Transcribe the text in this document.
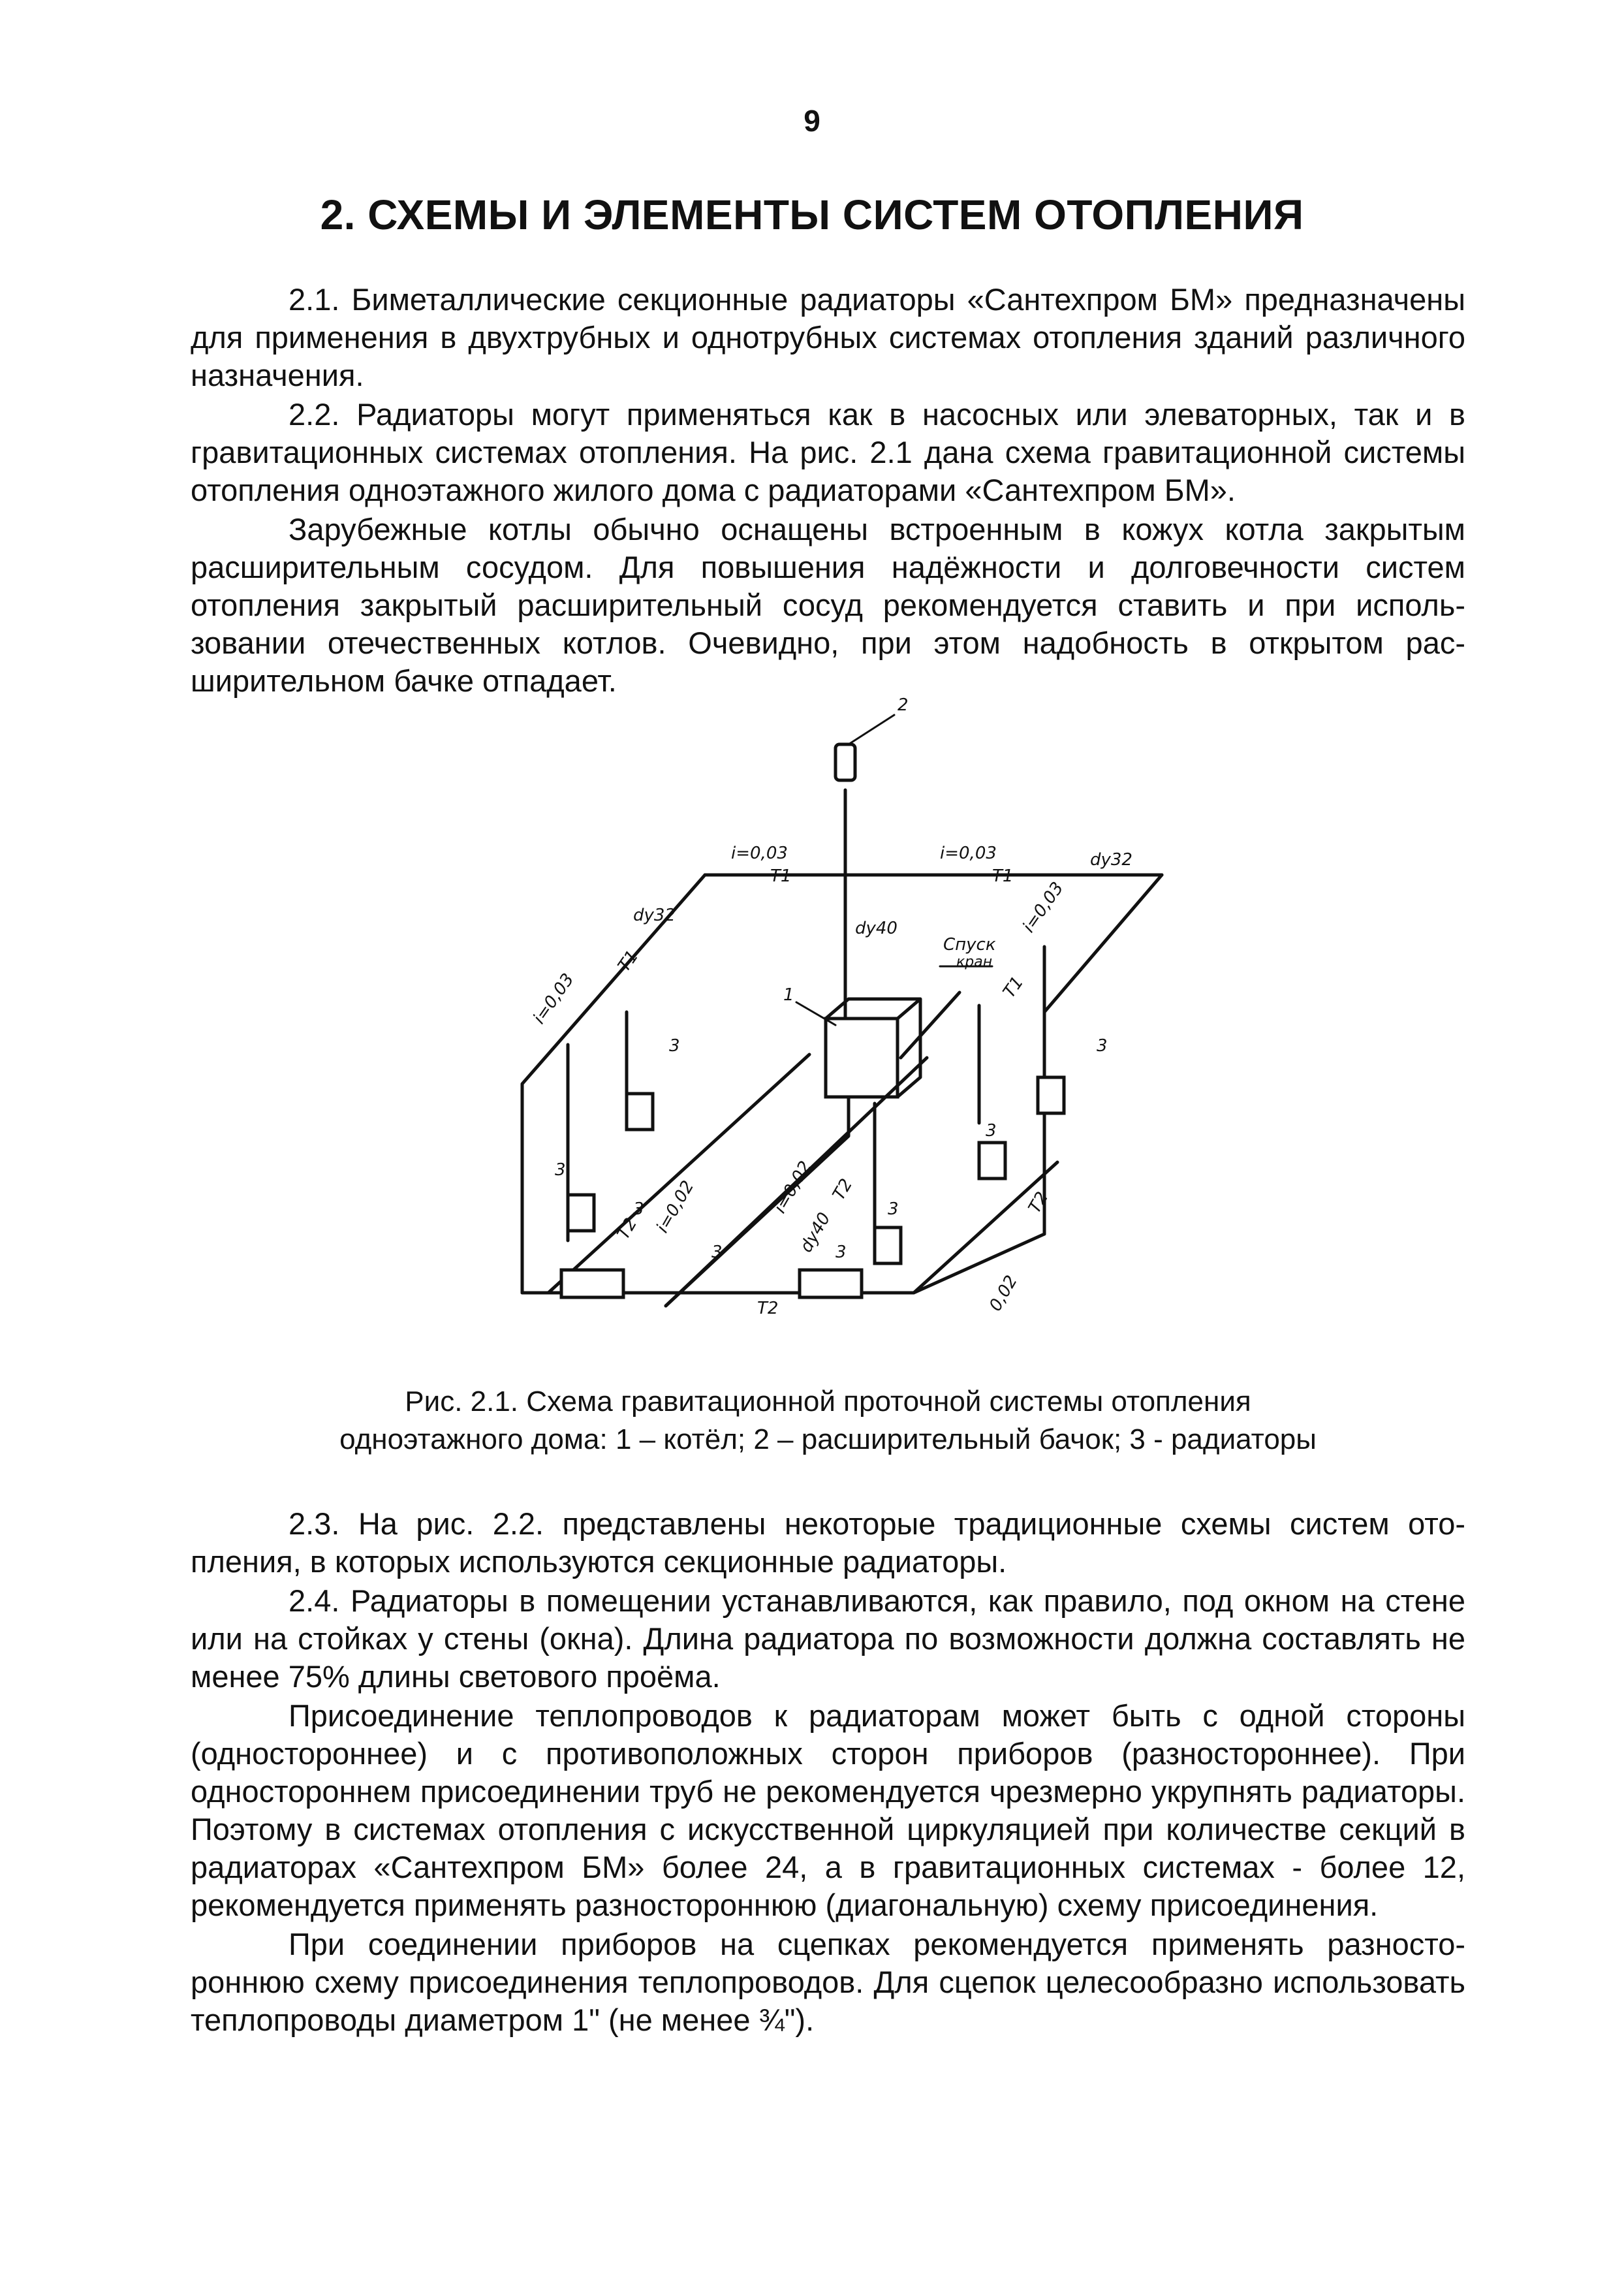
9
2. СХЕМЫ И ЭЛЕМЕНТЫ СИСТЕМ ОТОПЛЕНИЯ

2.1. Биметаллические секционные радиаторы «Сантехпром БМ» предназначены для применения в двухтрубных и однотрубных системах отопления зданий различного назначения.

2.2. Радиаторы могут применяться как в насосных или элеваторных, так и в гравитационных системах отопления. На рис. 2.1 дана схема гравитационной системы отопления одноэтажного жилого дома с радиаторами «Сантехпром БМ».

Зарубежные котлы обычно оснащены встроенным в кожух котла закрытым расширительным сосудом. Для повышения надёжности и долговечности систем отопления закрытый расширительный сосуд рекомендуется ставить и при использовании отечественных котлов. Очевидно, при этом надобность в открытом расширительном бачке отпадает.

2
1
i=0,03
Т1
i=0,03
Т1
dу32
dу32
dу40
Спуск
кран
i=0,03
i=0,03
Т1
Т1
3
3
3
3	3
3
3
3
i=0,02	i=0,02
dу40
Т2
Т2
Т2
0,02
Т2
Рис. 2.1. Схема гравитационной проточной системы отопления
одноэтажного дома: 1 – котёл; 2 – расширительный бачок; 3 - радиаторы

2.3. На рис. 2.2. представлены некоторые традиционные схемы систем отопления, в которых используются секционные радиаторы.

2.4. Радиаторы в помещении устанавливаются, как правило, под окном на стене или на стойках у стены (окна). Длина радиатора по возможности должна составлять не менее 75% длины светового проёма.

Присоединение теплопроводов к радиаторам может быть с одной стороны (одностороннее) и с противоположных сторон приборов (разностороннее). При одностороннем присоединении труб не рекомендуется чрезмерно укрупнять радиаторы. Поэтому в системах отопления с искусственной циркуляцией при количестве секций в радиаторах «Сантехпром БМ» более 24, а в гравитационных системах - более 12, рекомендуется применять разностороннюю (диагональную) схему присоединения.

При соединении приборов на сцепках рекомендуется применять разностороннюю схему присоединения теплопроводов. Для сцепок целесообразно использовать теплопроводы диаметром 1" (не менее ¾").
